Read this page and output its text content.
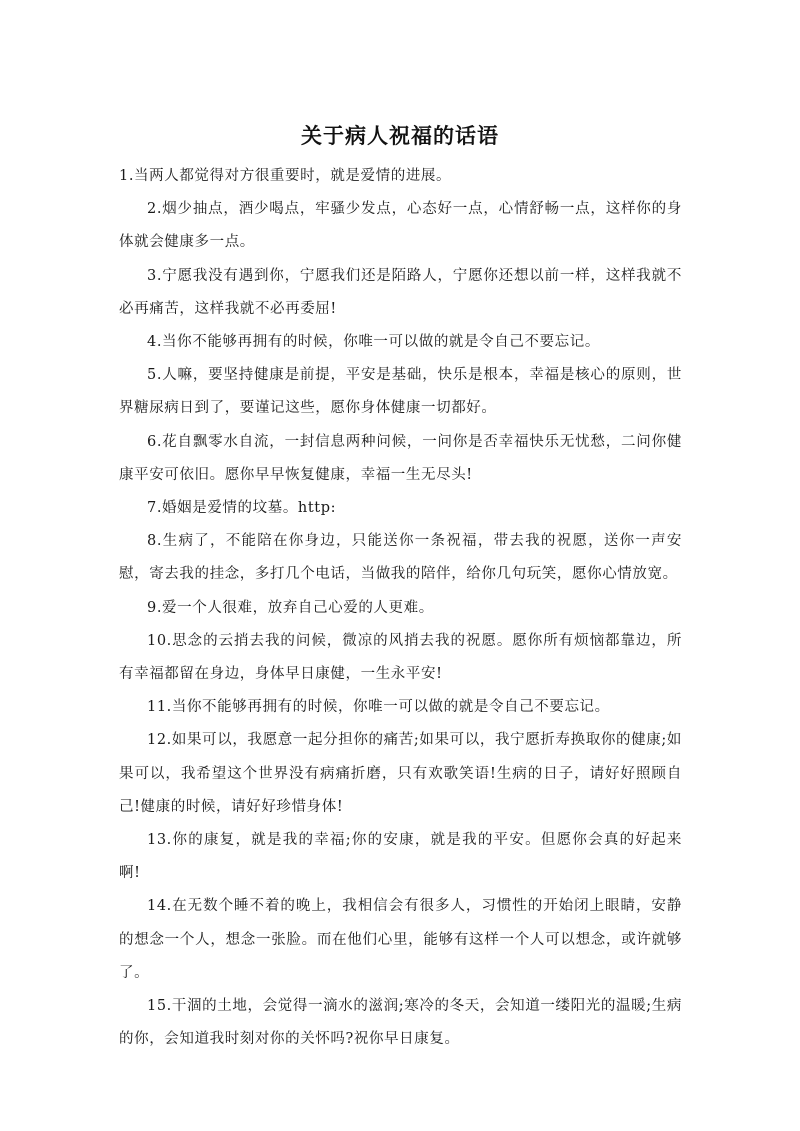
关于病人祝福的话语

1.当两人都觉得对方很重要时，就是爱情的进展。

2.烟少抽点，酒少喝点，牢骚少发点，心态好一点，心情舒畅一点，这样你的身体就会健康多一点。

3.宁愿我没有遇到你，宁愿我们还是陌路人，宁愿你还想以前一样，这样我就不必再痛苦，这样我就不必再委屈!

4.当你不能够再拥有的时候，你唯一可以做的就是令自己不要忘记。

5.人嘛，要坚持健康是前提，平安是基础，快乐是根本，幸福是核心的原则，世界糖尿病日到了，要谨记这些，愿你身体健康一切都好。

6.花自飘零水自流，一封信息两种问候，一问你是否幸福快乐无忧愁，二问你健康平安可依旧。愿你早早恢复健康，幸福一生无尽头!

7.婚姻是爱情的坟墓。http:

8.生病了，不能陪在你身边，只能送你一条祝福，带去我的祝愿，送你一声安慰，寄去我的挂念，多打几个电话，当做我的陪伴，给你几句玩笑，愿你心情放宽。

9.爱一个人很难，放弃自己心爱的人更难。

10.思念的云捎去我的问候，微凉的风捎去我的祝愿。愿你所有烦恼都靠边，所有幸福都留在身边，身体早日康健，一生永平安!

11.当你不能够再拥有的时候，你唯一可以做的就是令自己不要忘记。

12.如果可以，我愿意一起分担你的痛苦;如果可以，我宁愿折寿换取你的健康;如果可以，我希望这个世界没有病痛折磨，只有欢歌笑语!生病的日子，请好好照顾自己!健康的时候，请好好珍惜身体!

13.你的康复，就是我的幸福;你的安康，就是我的平安。但愿你会真的好起来啊!

14.在无数个睡不着的晚上，我相信会有很多人，习惯性的开始闭上眼睛，安静的想念一个人，想念一张脸。而在他们心里，能够有这样一个人可以想念，或许就够了。

15.干涸的土地，会觉得一滴水的滋润;寒冷的冬天，会知道一缕阳光的温暖;生病的你，会知道我时刻对你的关怀吗?祝你早日康复。
